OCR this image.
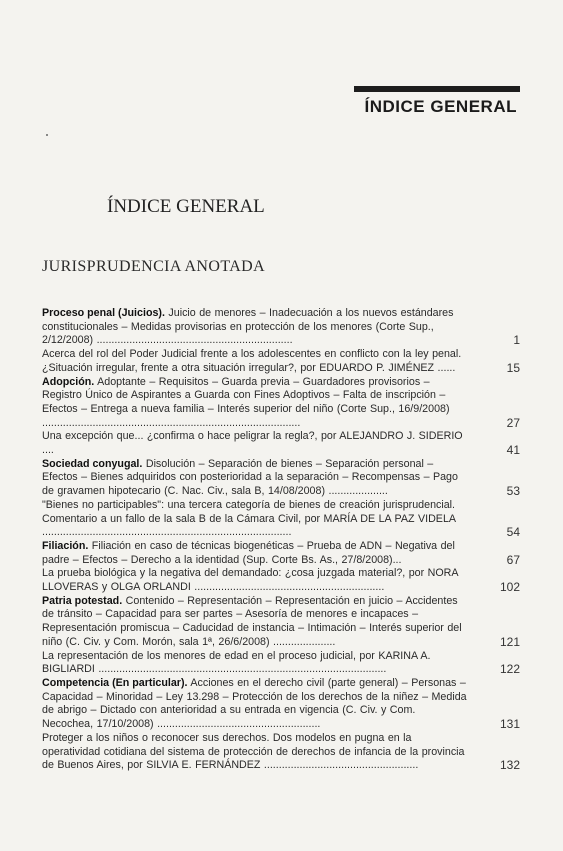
ÍNDICE GENERAL
ÍNDICE GENERAL
JURISPRUDENCIA ANOTADA
Proceso penal (Juicios). Juicio de menores – Inadecuación a los nuevos estándares constitucionales – Medidas provisorias en protección de los menores (Corte Sup., 2/12/2008) ..................................................................	1
Acerca del rol del Poder Judicial frente a los adolescentes en conflicto con la ley penal. ¿Situación irregular, frente a otra situación irregular?, por EDUARDO P. JIMÉNEZ ......	15
Adopción. Adoptante – Requisitos – Guarda previa – Guardadores provisorios – Registro Único de Aspirantes a Guarda con Fines Adoptivos – Falta de inscripción – Efectos – Entrega a nueva familia – Interés superior del niño (Corte Sup., 16/9/2008) .......................................................................................	27
Una excepción que... ¿confirma o hace peligrar la regla?, por ALEJANDRO J. SIDERIO ....	41
Sociedad conyugal. Disolución – Separación de bienes – Separación personal – Efectos – Bienes adquiridos con posterioridad a la separación – Recompensas – Pago de gravamen hipotecario (C. Nac. Civ., sala B, 14/08/2008) ....................	53
"Bienes no participables": una tercera categoría de bienes de creación jurisprudencial. Comentario a un fallo de la sala B de la Cámara Civil, por MARÍA DE LA PAZ VIDELA ....................................................................................	54
Filiación. Filiación en caso de técnicas biogenéticas – Prueba de ADN – Negativa del padre – Efectos – Derecho a la identidad (Sup. Corte Bs. As., 27/8/2008)...	67
La prueba biológica y la negativa del demandado: ¿cosa juzgada material?, por NORA LLOVERAS y OLGA ORLANDI ................................................................	102
Patria potestad. Contenido – Representación – Representación en juicio – Accidentes de tránsito – Capacidad para ser partes – Asesoría de menores e incapaces – Representación promiscua – Caducidad de instancia – Intimación – Interés superior del niño (C. Civ. y Com. Morón, sala 1ª, 26/6/2008) .....................	121
La representación de los menores de edad en el proceso judicial, por KARINA A. BIGLIARDI .................................................................................................	122
Competencia (En particular). Acciones en el derecho civil (parte general) – Personas – Capacidad – Minoridad – Ley 13.298 – Protección de los derechos de la niñez – Medida de abrigo – Dictado con anterioridad a su entrada en vigencia (C. Civ. y Com. Necochea, 17/10/2008) .......................................................	131
Proteger a los niños o reconocer sus derechos. Dos modelos en pugna en la operatividad cotidiana del sistema de protección de derechos de infancia de la provincia de Buenos Aires, por SILVIA E. FERNÁNDEZ ....................................................	132
